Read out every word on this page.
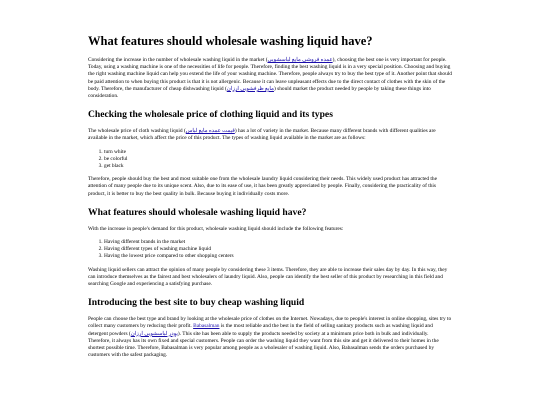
What features should wholesale washing liquid have?

Considering the increase in the number of wholesale washing liquid in the market (عمده فروشی مایع لباسشویی), choosing the best one is very important for people. Today, using a washing machine is one of the necessities of life for people. Therefore, finding the best washing liquid is in a very special position. Choosing and buying the right washing machine liquid can help you extend the life of your washing machine. Therefore, people always try to buy the best type of it. Another point that should be paid attention to when buying this product is that it is not allergenic. Because it can leave unpleasant effects due to the direct contact of clothes with the skin of the body. Therefore, the manufacturer of cheap dishwashing liquid (مایع ظرفشویی ارزان) should market the product needed by people by taking these things into consideration.

Checking the wholesale price of clothing liquid and its types

The wholesale price of cloth washing liquid (قیمت عمده مایع لباس) has a lot of variety in the market. Because many different brands with different qualities are available in the market, which affect the price of this product. The types of washing liquid available in the market are as follows:

1. turn white
2. be colorful
3. get black

Therefore, people should buy the best and most suitable one from the wholesale laundry liquid considering their needs. This widely used product has attracted the attention of many people due to its unique scent. Also, due to its ease of use, it has been greatly appreciated by people. Finally, considering the practicality of this product, it is better to buy the best quality in bulk. Because buying it individually costs more.

What features should wholesale washing liquid have?

With the increase in people's demand for this product, wholesale washing liquid should include the following features:

1. Having different brands in the market
2. Having different types of washing machine liquid
3. Having the lowest price compared to other shopping centers

Washing liquid sellers can attract the opinion of many people by considering these 3 items. Therefore, they are able to increase their sales day by day. In this way, they can introduce themselves as the fairest and best wholesalers of laundry liquid. Also, people can identify the best seller of this product by researching in this field and searching Google and experiencing a satisfying purchase.

Introducing the best site to buy cheap washing liquid

People can choose the best type and brand by looking at the wholesale price of clothes on the Internet. Nowadays, due to people's interest in online shopping, sites try to collect many customers by reducing their profit. Babasalman is the most reliable and the best in the field of selling sanitary products such as washing liquid and detergent powders (پودر لباسشویی ارزان). This site has been able to supply the products needed by society at a minimum price both in bulk and individually. Therefore, it always has its own fixed and special customers. People can order the washing liquid they want from this site and get it delivered to their homes in the shortest possible time. Therefore, Babasalman is very popular among people as a wholesaler of washing liquid. Also, Babasalman sends the orders purchased by customers with the safest packaging.
